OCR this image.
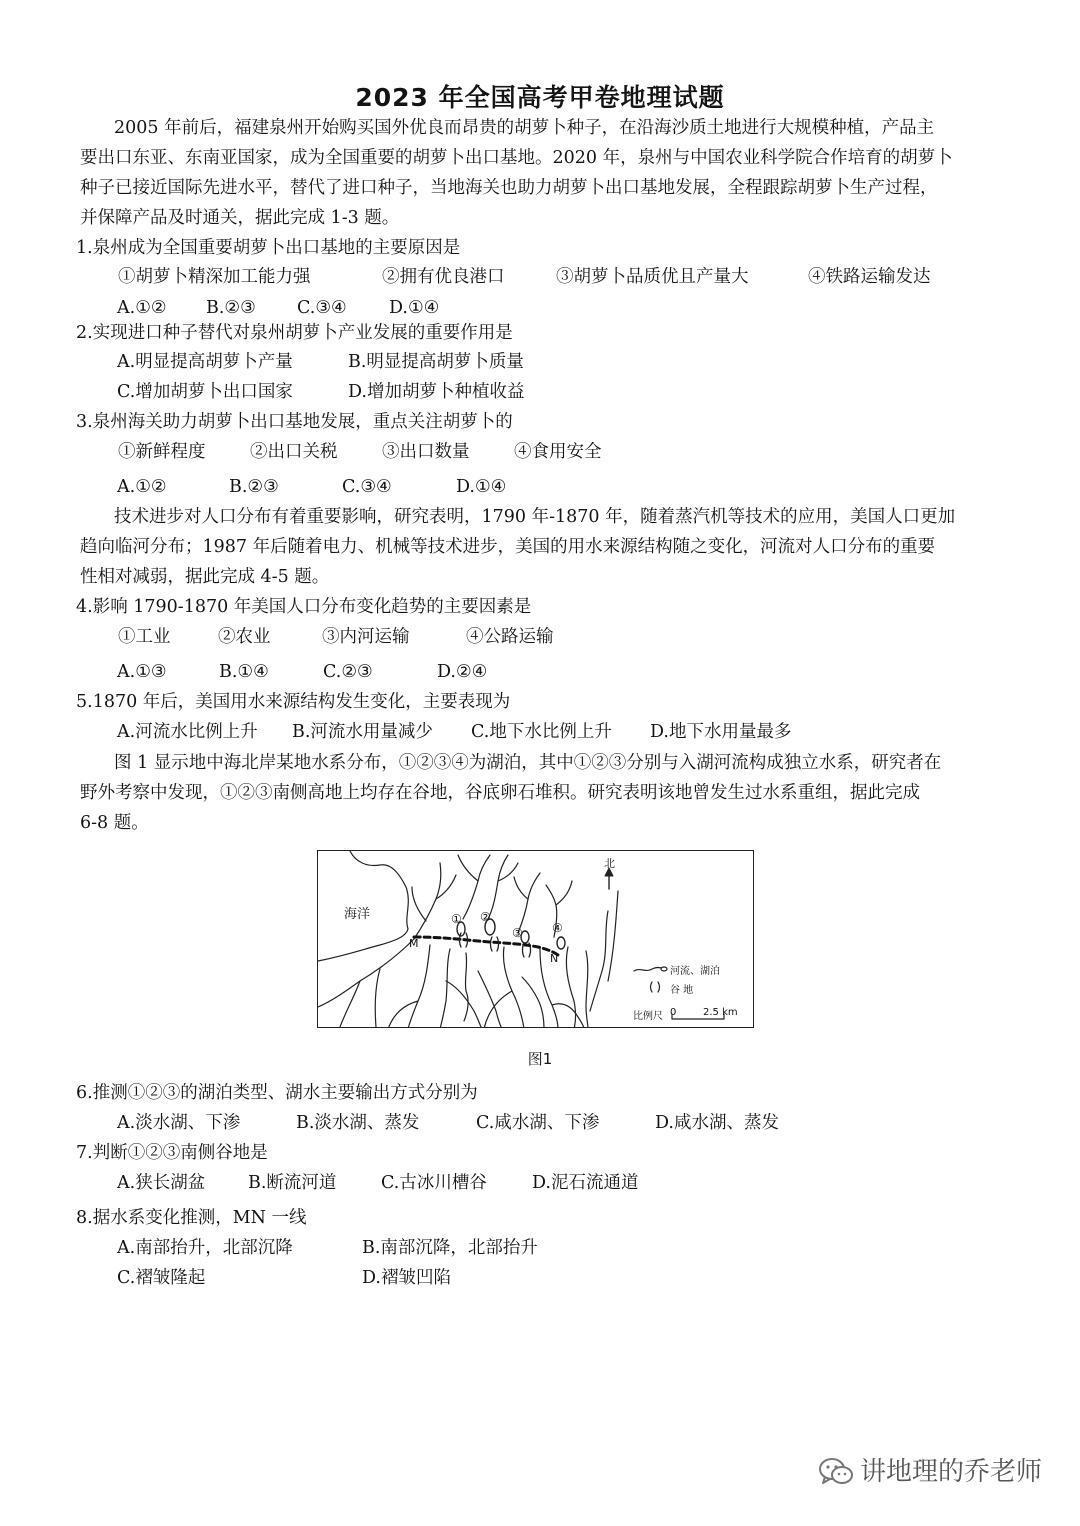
2023 年全国高考甲卷地理试题
2005 年前后，福建泉州开始购买国外优良而昂贵的胡萝卜种子，在沿海沙质土地进行大规模种植，产品主
要出口东亚、东南亚国家，成为全国重要的胡萝卜出口基地。2020 年，泉州与中国农业科学院合作培育的胡萝卜
种子已接近国际先进水平，替代了进口种子，当地海关也助力胡萝卜出口基地发展，全程跟踪胡萝卜生产过程，
并保障产品及时通关，据此完成 1-3 题。
1.泉州成为全国重要胡萝卜出口基地的主要原因是
①胡萝卜精深加工能力强	②拥有优良港口	③胡萝卜品质优且产量大	④铁路运输发达
A.①② B.②③ C.③④ D.①④
2.实现进口种子替代对泉州胡萝卜产业发展的重要作用是
A.明显提高胡萝卜产量	B.明显提高胡萝卜质量
C.增加胡萝卜出口国家	D.增加胡萝卜种植收益
3.泉州海关助力胡萝卜出口基地发展，重点关注胡萝卜的
①新鲜程度	②出口关税	③出口数量	④食用安全
A.①②	B.②③	C.③④	D.①④
技术进步对人口分布有着重要影响，研究表明，1790 年-1870 年，随着蒸汽机等技术的应用，美国人口更加
趋向临河分布；1987 年后随着电力、机械等技术进步，美国的用水来源结构随之变化，河流对人口分布的重要
性相对减弱，据此完成 4-5 题。
4.影响 1790-1870 年美国人口分布变化趋势的主要因素是
①工业	②农业	③内河运输	④公路运输
A.①③	B.①④	C.②③	D.②④
5.1870 年后，美国用水来源结构发生变化，主要表现为
A.河流水比例上升 B.河流水用量减少 C.地下水比例上升 D.地下水用量最多
图 1 显示地中海北岸某地水系分布，①②③④为湖泊，其中①②③分别与入湖河流构成独立水系，研究者在
野外考察中发现，①②③南侧高地上均存在谷地，谷底卵石堆积。研究表明该地曾发生过水系重组，据此完成
6-8 题。
海洋
北
M
N
① ②
③ ④
河流、湖泊
谷 地
比例尺 0	2.5 km
图1
6.推测①②③的湖泊类型、湖水主要输出方式分别为
A.淡水湖、下渗	B.淡水湖、蒸发	C.咸水湖、下渗	D.咸水湖、蒸发
7.判断①②③南侧谷地是
A.狭长湖盆 B.断流河道	C.古冰川槽谷	D.泥石流通道
8.据水系变化推测，MN 一线
A.南部抬升，北部沉降	B.南部沉降，北部抬升
C.褶皱隆起	D.褶皱凹陷
讲地理的乔老师
